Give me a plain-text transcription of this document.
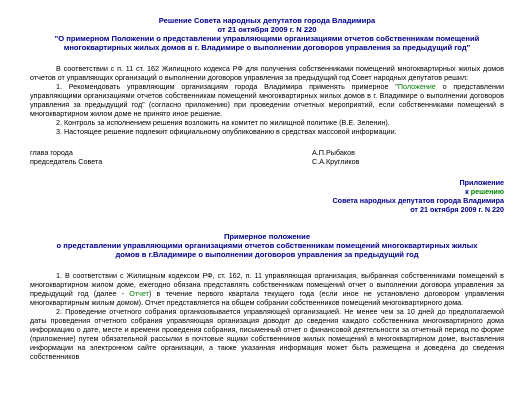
Решение Совета народных депутатов города Владимира
от 21 октября 2009 г. N 220
"О примерном Положении о представлении управляющими организациями отчетов собственникам помещений
многоквартирных жилых домов в г. Владимире о выполнении договоров управления за предыдущий год"

В соответствии с п. 11 ст. 162 Жилищного кодекса РФ для получения собственниками помещений многоквартирных жилых домов отчетов от управляющих организаций о выполнении договоров управления за предыдущий год Совет народных депутатов решил:

1. Рекомендовать управляющим организациям города Владимира применять примерное "Положение о представлении управляющими организациями отчетов собственникам помещений многоквартирных жилых домов в г. Владимире о выполнении договоров управления за предыдущий год" (согласно приложению) при проведении отчетных мероприятий, если собственниками помещений в многоквартирном жилом доме не принято иное решение.

2. Контроль за исполнением решения возложить на комитет по жилищной политике (В.Е. Зеленин).

3. Настоящее решение подлежит официальному опубликованию в средствах массовой информации.

глава города	А.П.Рыбаков
председатель Совета	С.А.Кругликов
Приложение
к решению
Совета народных депутатов города Владимира
от 21 октября 2009 г. N 220
Примерное положение
о представлении управляющими организациями отчетов собственникам помещений многоквартирных жилых
домов в г.Владимире о выполнении договоров управления за предыдущий год

1. В соответствии с Жилищным кодексом РФ, ст. 162, п. 11 управляющая организация, выбранная собственниками помещений в многоквартирном жилом доме, ежегодно обязана представлять собственникам помещений отчет о выполнении договора управления за предыдущий год (далее - Отчет) в течение первого квартала текущего года (если иное не установлено договором управления многоквартирным жилым домом). Отчет представляется на общем собрании собственников помещений многоквартирного дома.

2. Проведение отчетного собрания организовывается управляющей организацией. Не менее чем за 10 дней до предполагаемой даты проведения отчетного собрания управляющая организация доводит до сведения каждого собственника многоквартирного дома информацию о дате, месте и времени проведения собрания, письменный отчет о финансовой деятельности за отчетный период по форме (приложение) путем обязательной рассылки в почтовые ящики собственников жилых помещений в многоквартирном доме, выставления информации на электронном сайте организации, а также указанная информация может быть размещена и доведена до сведения собственников
